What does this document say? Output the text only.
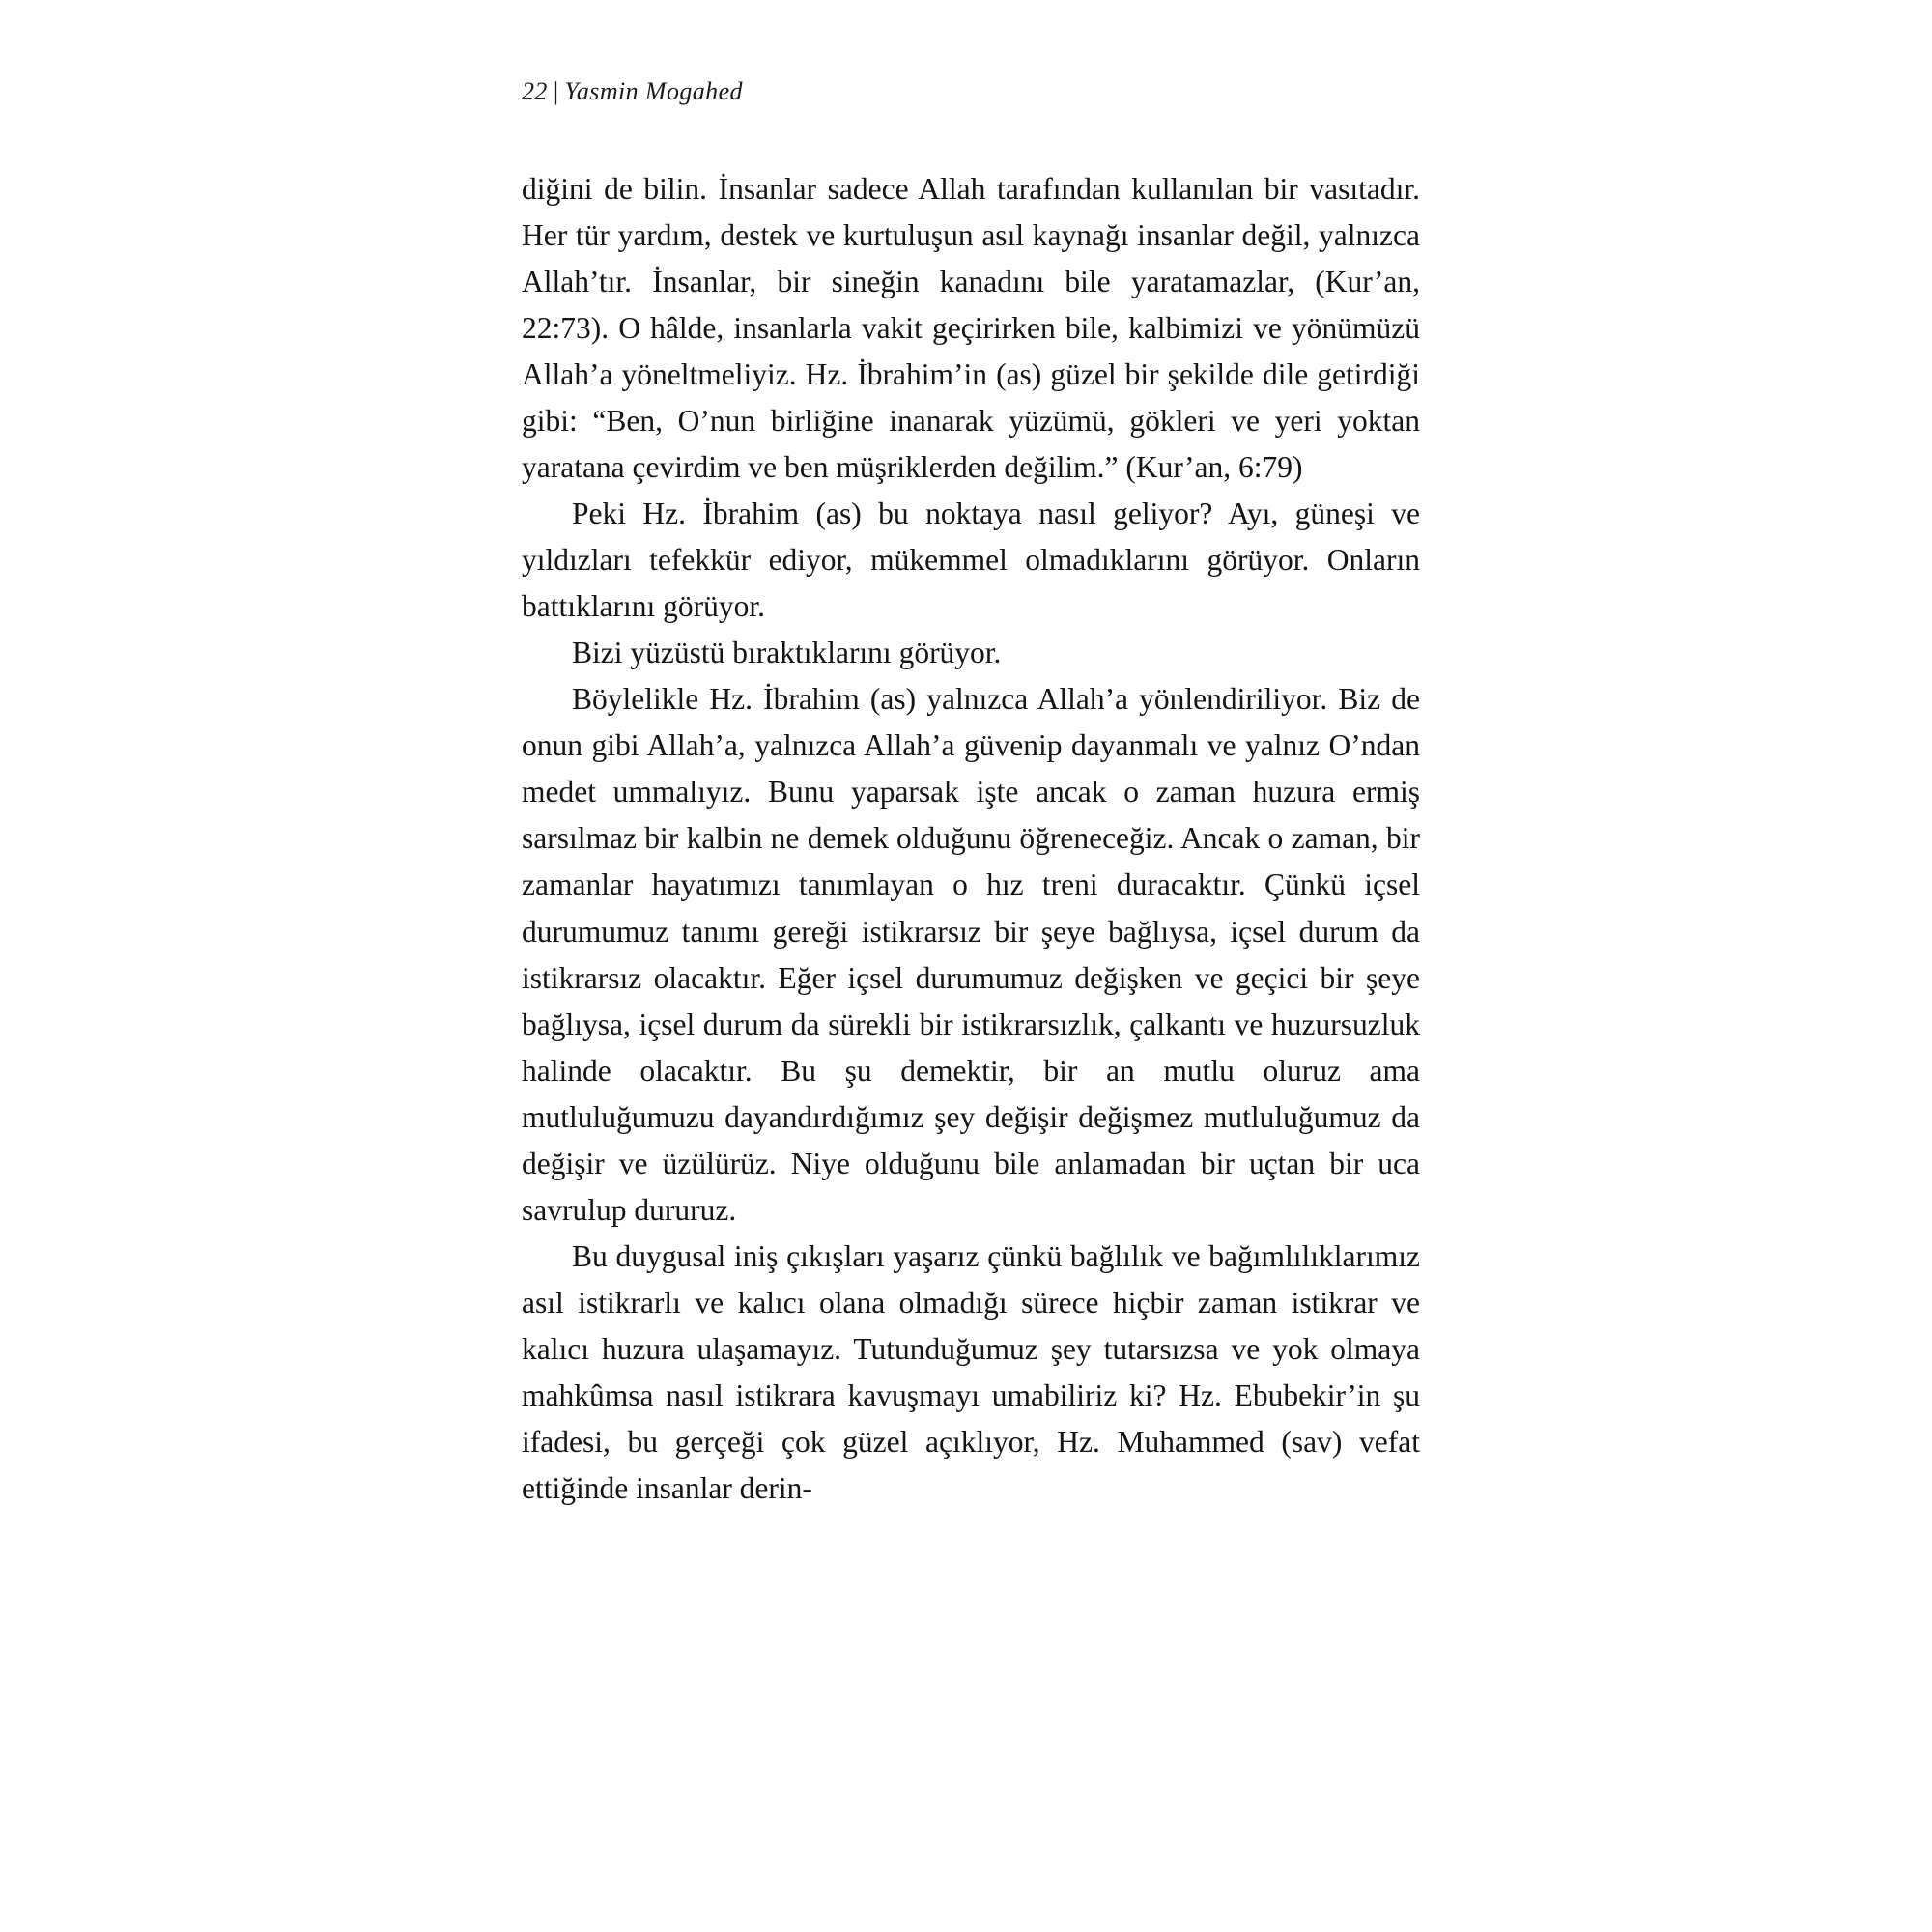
22 | Yasmin Mogahed

diğini de bilin. İnsanlar sadece Allah tarafından kullanılan bir vasıtadır. Her tür yardım, destek ve kurtuluşun asıl kaynağı insanlar değil, yalnızca Allah’tır. İnsanlar, bir sineğin kanadını bile yaratamazlar, (Kur’an, 22:73). O hâlde, insanlarla vakit geçirirken bile, kalbimizi ve yönümüzü Allah’a yöneltmeliyiz. Hz. İbrahim’in (as) güzel bir şekilde dile getirdiği gibi: “Ben, O’nun birliğine inanarak yüzümü, gökleri ve yeri yoktan yaratana çevirdim ve ben müşriklerden değilim.” (Kur’an, 6:79)

Peki Hz. İbrahim (as) bu noktaya nasıl geliyor? Ayı, güneşi ve yıldızları tefekkür ediyor, mükemmel olmadıklarını görüyor. Onların battıklarını görüyor.

Bizi yüzüstü bıraktıklarını görüyor.

Böylelikle Hz. İbrahim (as) yalnızca Allah’a yönlendiriliyor. Biz de onun gibi Allah’a, yalnızca Allah’a güvenip dayanmalı ve yalnız O’ndan medet ummalıyız. Bunu yaparsak işte ancak o zaman huzura ermiş sarsılmaz bir kalbin ne demek olduğunu öğreneceğiz. Ancak o zaman, bir zamanlar hayatımızı tanımlayan o hız treni duracaktır. Çünkü içsel durumumuz tanımı gereği istikrarsız bir şeye bağlıysa, içsel durum da istikrarsız olacaktır. Eğer içsel durumumuz değişken ve geçici bir şeye bağlıysa, içsel durum da sürekli bir istikrarsızlık, çalkantı ve huzursuzluk halinde olacaktır. Bu şu demektir, bir an mutlu oluruz ama mutluluğumuzu dayandırdığımız şey değişir değişmez mutluluğumuz da değişir ve üzülürüz. Niye olduğunu bile anlamadan bir uçtan bir uca savrulup dururuz.

Bu duygusal iniş çıkışları yaşarız çünkü bağlılık ve bağımlılıklarımız asıl istikrarlı ve kalıcı olana olmadığı sürece hiçbir zaman istikrar ve kalıcı huzura ulaşamayız. Tutunduğumuz şey tutarsızsa ve yok olmaya mahkûmsa nasıl istikrara kavuşmayı umabiliriz ki? Hz. Ebubekir’in şu ifadesi, bu gerçeği çok güzel açıklıyor, Hz. Muhammed (sav) vefat ettiğinde insanlar derin-
